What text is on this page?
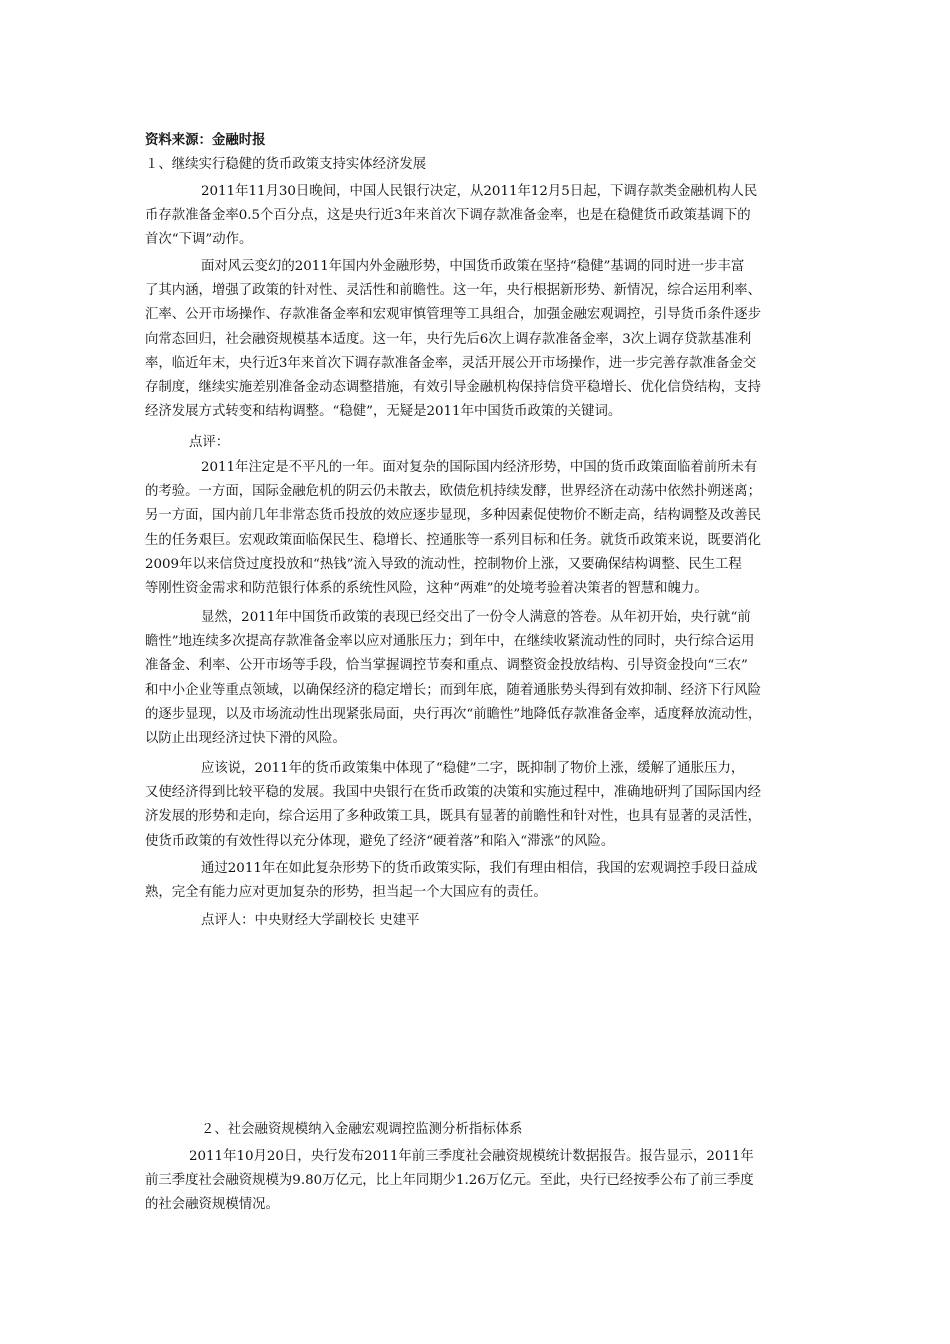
资料来源：金融时报

１、继续实行稳健的货币政策支持实体经济发展

2011年11月30日晚间，中国人民银行决定，从2011年12月5日起，下调存款类金融机构人民
币存款准备金率0.5个百分点，这是央行近3年来首次下调存款准备金率，也是在稳健货币政策基调下的
首次“下调”动作。
面对风云变幻的2011年国内外金融形势，中国货币政策在坚持“稳健”基调的同时进一步丰富
了其内涵，增强了政策的针对性、灵活性和前瞻性。这一年，央行根据新形势、新情况，综合运用利率、
汇率、公开市场操作、存款准备金率和宏观审慎管理等工具组合，加强金融宏观调控，引导货币条件逐步
向常态回归，社会融资规模基本适度。这一年，央行先后6次上调存款准备金率，3次上调存贷款基准利
率，临近年末，央行近3年来首次下调存款准备金率，灵活开展公开市场操作，进一步完善存款准备金交
存制度，继续实施差别准备金动态调整措施，有效引导金融机构保持信贷平稳增长、优化信贷结构，支持
经济发展方式转变和结构调整。“稳健”，无疑是2011年中国货币政策的关键词。

点评：

2011年注定是不平凡的一年。面对复杂的国际国内经济形势，中国的货币政策面临着前所未有
的考验。一方面，国际金融危机的阴云仍未散去，欧债危机持续发酵，世界经济在动荡中依然扑朔迷离；
另一方面，国内前几年非常态货币投放的效应逐步显现，多种因素促使物价不断走高，结构调整及改善民
生的任务艰巨。宏观政策面临保民生、稳增长、控通胀等一系列目标和任务。就货币政策来说，既要消化
2009年以来信贷过度投放和“热钱”流入导致的流动性，控制物价上涨，又要确保结构调整、民生工程
等刚性资金需求和防范银行体系的系统性风险，这种“两难”的处境考验着决策者的智慧和魄力。
显然，2011年中国货币政策的表现已经交出了一份令人满意的答卷。从年初开始，央行就“前
瞻性”地连续多次提高存款准备金率以应对通胀压力；到年中，在继续收紧流动性的同时，央行综合运用
准备金、利率、公开市场等手段，恰当掌握调控节奏和重点、调整资金投放结构、引导资金投向“三农”
和中小企业等重点领域，以确保经济的稳定增长；而到年底，随着通胀势头得到有效抑制、经济下行风险
的逐步显现，以及市场流动性出现紧张局面，央行再次“前瞻性”地降低存款准备金率，适度释放流动性，
以防止出现经济过快下滑的风险。
应该说，2011年的货币政策集中体现了“稳健”二字，既抑制了物价上涨，缓解了通胀压力，
又使经济得到比较平稳的发展。我国中央银行在货币政策的决策和实施过程中，准确地研判了国际国内经
济发展的形势和走向，综合运用了多种政策工具，既具有显著的前瞻性和针对性，也具有显著的灵活性，
使货币政策的有效性得以充分体现，避免了经济“硬着落”和陷入“滞涨”的风险。
通过2011年在如此复杂形势下的货币政策实际，我们有理由相信，我国的宏观调控手段日益成
熟，完全有能力应对更加复杂的形势，担当起一个大国应有的责任。

点评人：中央财经大学副校长 史建平

２、社会融资规模纳入金融宏观调控监测分析指标体系

2011年10月20日，央行发布2011年前三季度社会融资规模统计数据报告。报告显示，2011年
前三季度社会融资规模为9.80万亿元，比上年同期少1.26万亿元。至此，央行已经按季公布了前三季度
的社会融资规模情况。
